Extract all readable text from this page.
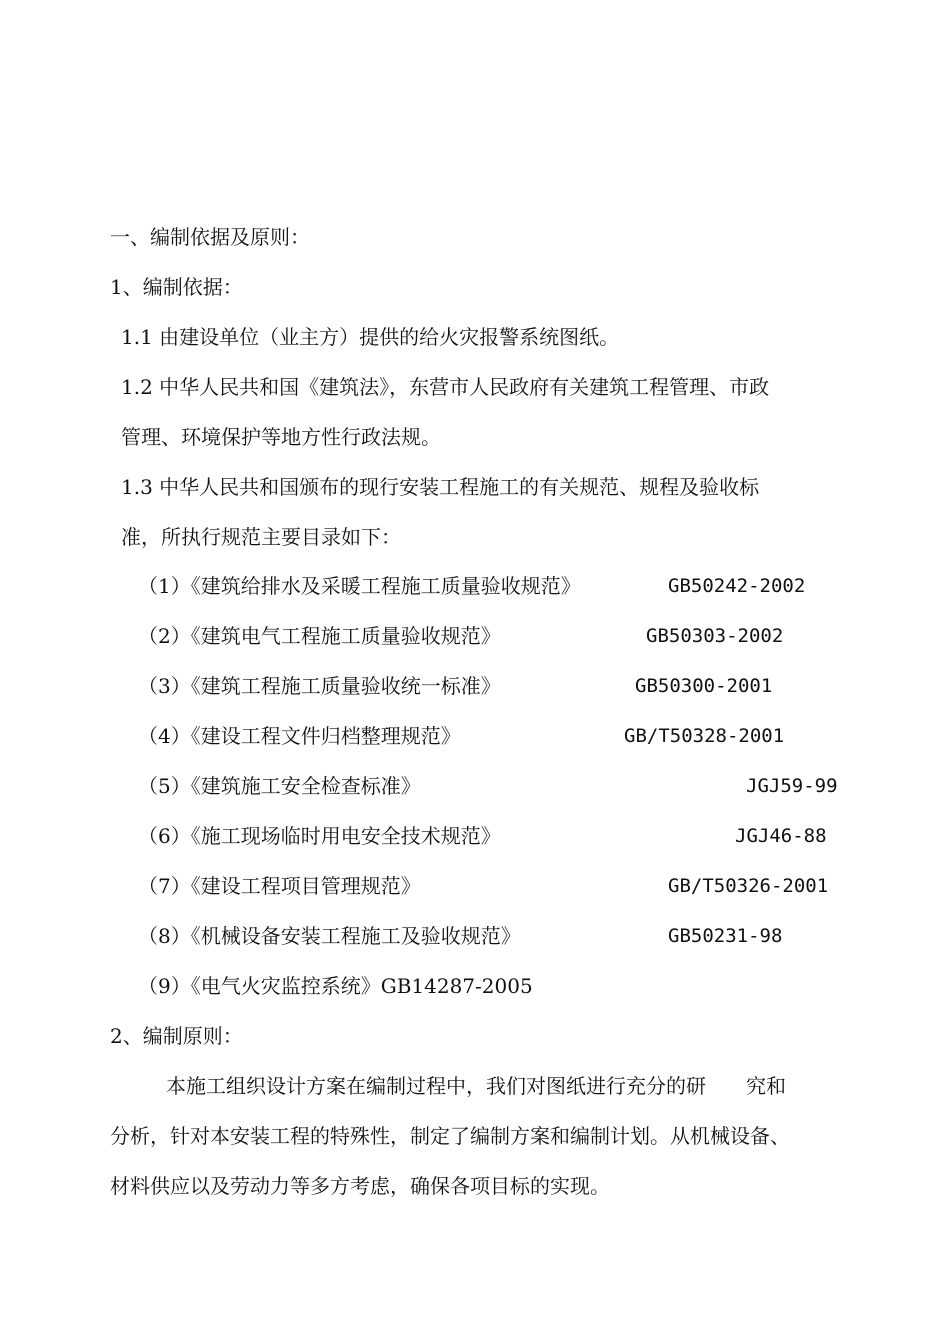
一、编制依据及原则：
1、编制依据：
1.1 由建设单位（业主方）提供的给火灾报警系统图纸。
1.2 中华人民共和国《建筑法》，东营市人民政府有关建筑工程管理、市政
管理、环境保护等地方性行政法规。
1.3 中华人民共和国颁布的现行安装工程施工的有关规范、规程及验收标
准，所执行规范主要目录如下：
（1）《建筑给排水及采暖工程施工质量验收规范》	GB50242-2002
（2）《建筑电气工程施工质量验收规范》	GB50303-2002
（3）《建筑工程施工质量验收统一标准》	GB50300-2001
（4）《建设工程文件归档整理规范》	GB/T50328-2001
（5）《建筑施工安全检查标准》	JGJ59-99
（6）《施工现场临时用电安全技术规范》	JGJ46-88
（7）《建设工程项目管理规范》	GB/T50326-2001
（8）《机械设备安装工程施工及验收规范》	GB50231-98
（9）《电气火灾监控系统》GB14287-2005
2、编制原则：
本施工组织设计方案在编制过程中，我们对图纸进行充分的研　　究和
分析，针对本安装工程的特殊性，制定了编制方案和编制计划。从机械设备、
材料供应以及劳动力等多方考虑，确保各项目标的实现。
